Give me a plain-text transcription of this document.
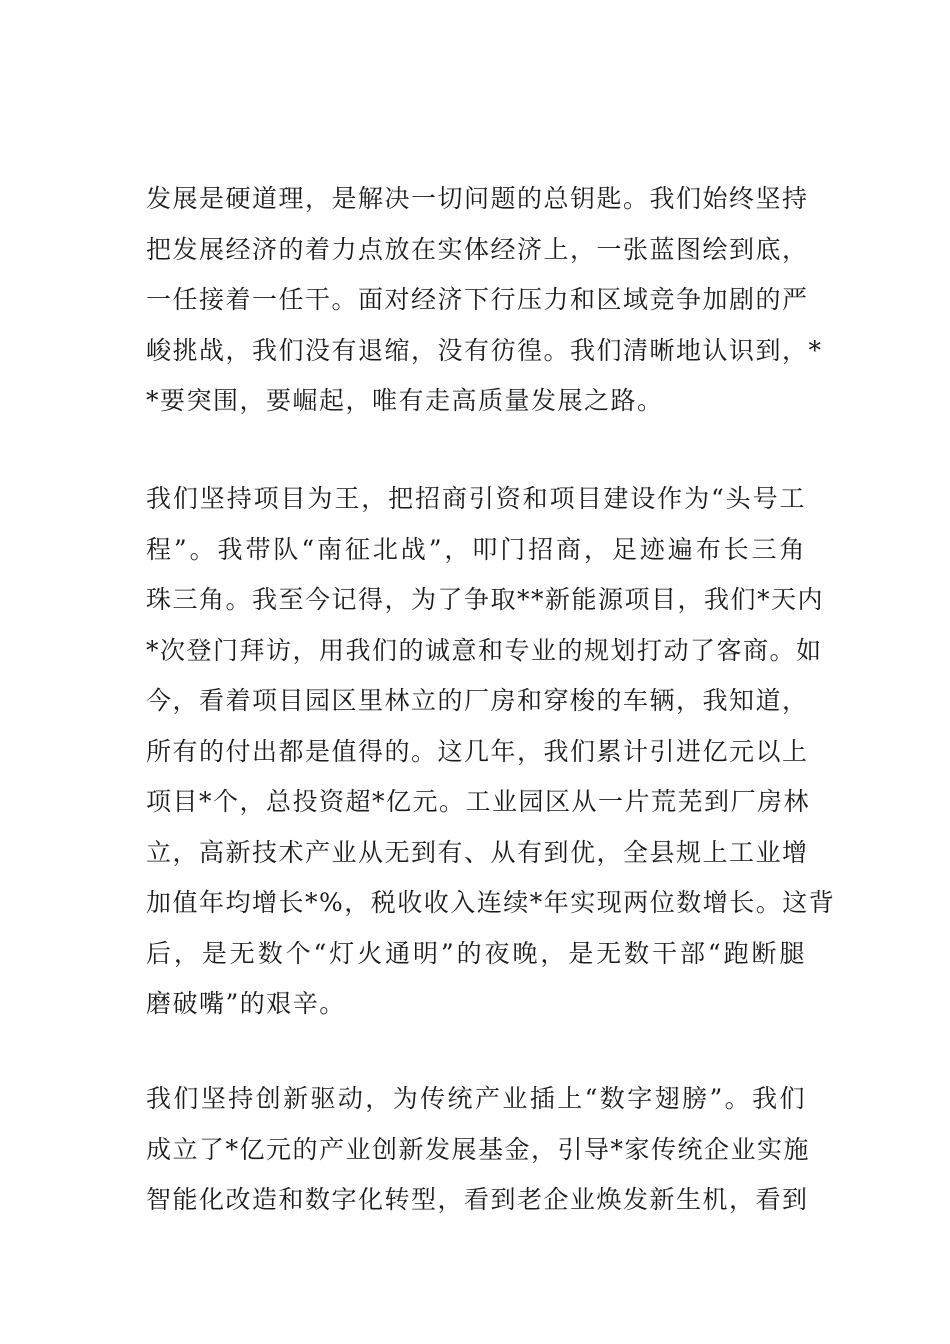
发展是硬道理，是解决一切问题的总钥匙。我们始终坚持
把发展经济的着力点放在实体经济上，一张蓝图绘到底，
一任接着一任干。面对经济下行压力和区域竞争加剧的严
峻挑战，我们没有退缩，没有彷徨。我们清晰地认识到，*
*要突围，要崛起，唯有走高质量发展之路。
我们坚持项目为王，把招商引资和项目建设作为“头号工
程”。我带队“南征北战”，叩门招商，足迹遍布长三角
珠三角。我至今记得，为了争取**新能源项目，我们*天内
*次登门拜访，用我们的诚意和专业的规划打动了客商。如
今，看着项目园区里林立的厂房和穿梭的车辆，我知道，
所有的付出都是值得的。这几年，我们累计引进亿元以上
项目*个，总投资超*亿元。工业园区从一片荒芜到厂房林
立，高新技术产业从无到有、从有到优，全县规上工业增
加值年均增长*%，税收收入连续*年实现两位数增长。这背
后，是无数个“灯火通明”的夜晚，是无数干部“跑断腿
磨破嘴”的艰辛。
我们坚持创新驱动，为传统产业插上“数字翅膀”。我们
成立了*亿元的产业创新发展基金，引导*家传统企业实施
智能化改造和数字化转型，看到老企业焕发新生机，看到
